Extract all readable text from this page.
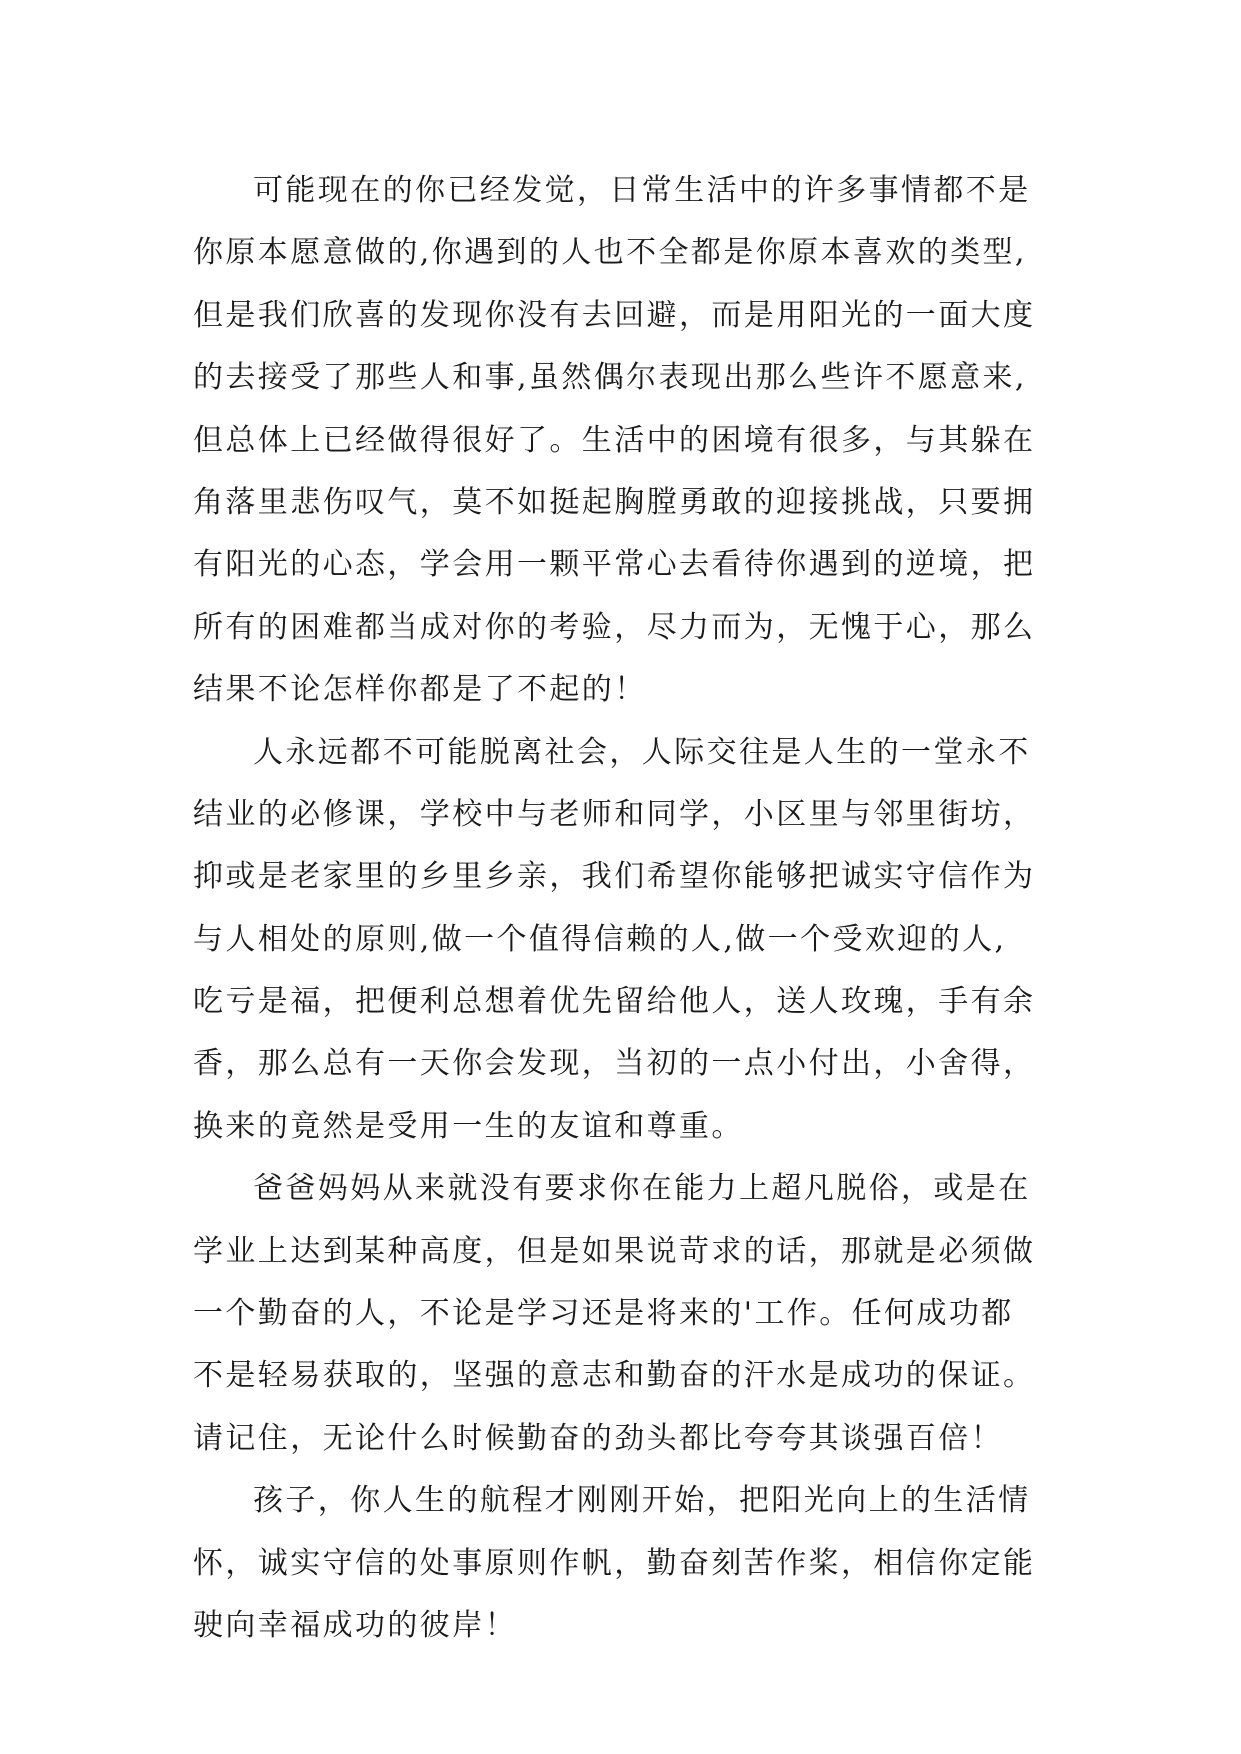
可能现在的你已经发觉，日常生活中的许多事情都不是
你原本愿意做的,你遇到的人也不全都是你原本喜欢的类型,
但是我们欣喜的发现你没有去回避，而是用阳光的一面大度
的去接受了那些人和事,虽然偶尔表现出那么些许不愿意来,
但总体上已经做得很好了。生活中的困境有很多，与其躲在
角落里悲伤叹气，莫不如挺起胸膛勇敢的迎接挑战，只要拥
有阳光的心态，学会用一颗平常心去看待你遇到的逆境，把
所有的困难都当成对你的考验，尽力而为，无愧于心，那么
结果不论怎样你都是了不起的！
人永远都不可能脱离社会，人际交往是人生的一堂永不
结业的必修课，学校中与老师和同学，小区里与邻里街坊，
抑或是老家里的乡里乡亲，我们希望你能够把诚实守信作为
与人相处的原则,做一个值得信赖的人,做一个受欢迎的人,
吃亏是福，把便利总想着优先留给他人，送人玫瑰，手有余
香，那么总有一天你会发现，当初的一点小付出，小舍得，
换来的竟然是受用一生的友谊和尊重。
爸爸妈妈从来就没有要求你在能力上超凡脱俗，或是在
学业上达到某种高度，但是如果说苛求的话，那就是必须做
一个勤奋的人，不论是学习还是将来的'工作。任何成功都
不是轻易获取的，坚强的意志和勤奋的汗水是成功的保证。
请记住，无论什么时候勤奋的劲头都比夸夸其谈强百倍！
孩子，你人生的航程才刚刚开始，把阳光向上的生活情
怀，诚实守信的处事原则作帆，勤奋刻苦作桨，相信你定能
驶向幸福成功的彼岸！
